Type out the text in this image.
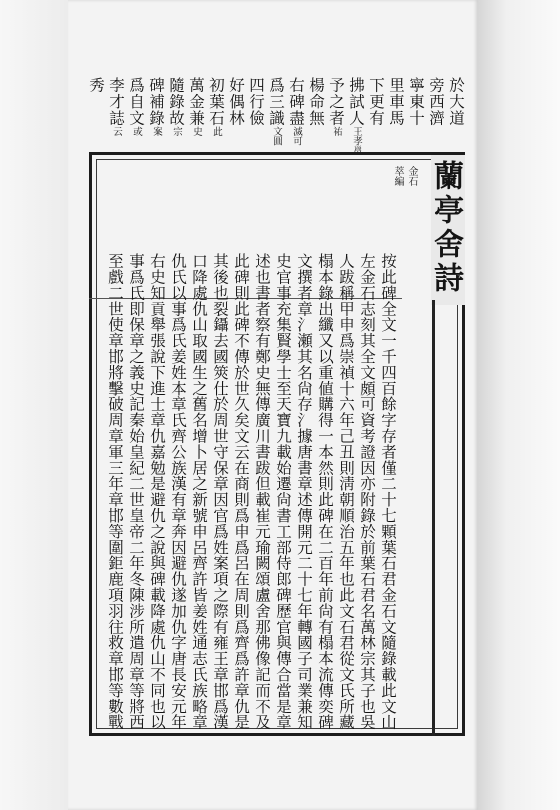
於大道
旁西濟
寧東十
里車馬
下更有
拂試人王孝邕
予之者祐
楊命無
右碑盡滅可
爲三識文圓
四行儉
好偶林
初葉石此
萬金兼史
隨錄故宗
碑補錄案
爲自文或
李才誌云
秀
蘭亭舍詩
金石
萃編
按此碑全文一千四百餘字存者僅二十七顆葉石君金石文隨錄載此文山
左金石志刻其全文頗可資考證因亦附錄於前葉石君名萬林宗其子也吳
人跋稱甲申爲崇禎十六年己丑則淸朝順治五年也此文石君從文氏所藏
榻本錄出纖又以重値購得一本然則此碑在二百年前尙有榻本流傳奕碑
文撰者章氵瀬其名尙存氵據唐書章述傳開元二十七年轉國子司業兼知
史官事充集賢學士至天寶九載始遷尙書工部侍郎碑歷官與傳合當是章
述也書者察有鄭史無傳廣川書跋但載崔元瑜闕頌盧舍那佛像記而不及
此碑則此碑不傳於世久矣文云在商則爲申爲呂在周則爲齊爲許章仇是
其後也裂鑷去國筴仕於周世守保章因官爲姓案項之際有雍王章邯爲漢
口降處仇山取國生之舊名增卜居之新號申呂齊許皆姜姓通志氏族略章
仇氏以事爲氏姜姓本章氏齊公族漢有章奔因避仇遂加仇字唐長安元年
右史知貢舉張說下進士章仇嘉勉是避仇之說與碑載降處仇山不同也以
事爲氏即保章之義史記秦始皇紀二世皇帝二年冬陳涉所遣周章等將西
至戲二世使章邯將擊破周章軍三年章邯等圍鉅鹿項羽往救章邯等數戰
